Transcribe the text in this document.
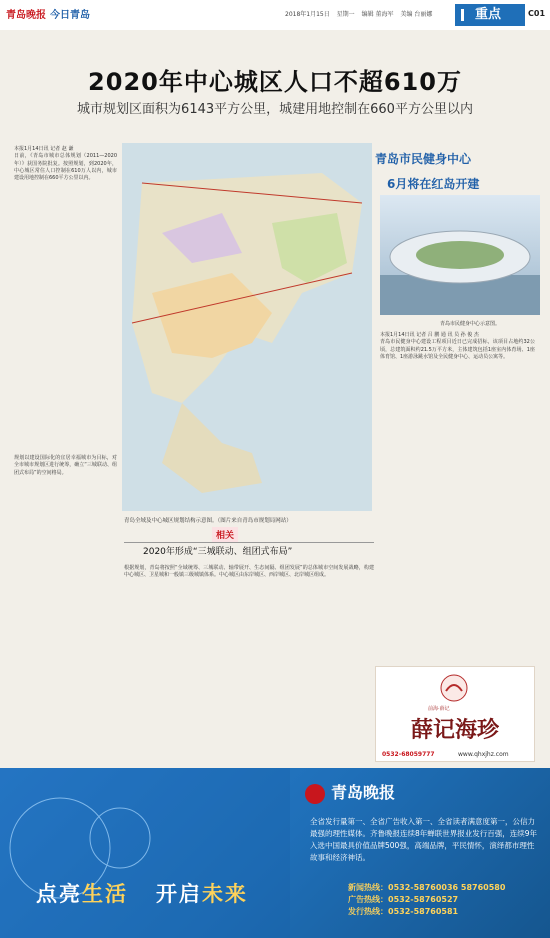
青岛晚报 今日青岛	2018年1月15日 星期一 编辑 董海军 美编 台丽娜	重点	C01
2020年中心城区人口不超610万
城市规划区面积为6143平方公里，城建用地控制在660平方公里以内

本报1月14日讯 记者 赵 谦

日前，《青岛市城市总体规划（2011—2020年）》获国务院批复。按照规划，到2020年，中心城区常住人口控制在610万人以内，城市建设用地控制在660平方公里以内。

规划以建设国际化的宜居幸福城市为目标，对全市城市规划区进行统筹，确立“三城联动、组团式布局”的空间格局。

青岛全域及中心城区规划结构示意图。（图片来自青岛市规划局网站）
相关
2020年形成“三城联动、组团式布局”

根据规划，青岛将按照“全域统筹、三城联动、轴带展开、生态间隔、组团发展”的总体城市空间发展战略，构建中心城区、卫星城和一般镇三级城镇体系。中心城区由东岸城区、西岸城区、北岸城区组成。

青岛市民健身中心
6月将在红岛开建
青岛市民健身中心示意图。

本报1月14日讯 记者 吕 鹏 通 讯 员 孙 俊 杰

青岛市民健身中心建设工程项目近日已完成招标，该项目占地约32公顷，总建筑面积约21.5万平方米，主体建筑包括1座室内体育场、1座体育馆、1座游泳跳水馆及全民健身中心、运动员公寓等。

前海·薛记
薛记海珍
0532-68059777	www.qhxjhz.com
青岛晚报
全省发行量第一、全省广告收入第一、全省读者满意度第一，公信力最强的理性媒体。齐鲁晚报连续8年蝉联世界报业发行百强，连续9年入选中国最具价值品牌500强，高端品牌，平民情怀，演绎都市理性故事和经济神话。
新闻热线：0532-58760036 58760580
广告热线：0532-58760527
发行热线：0532-58760581
点亮生活 开启未来
